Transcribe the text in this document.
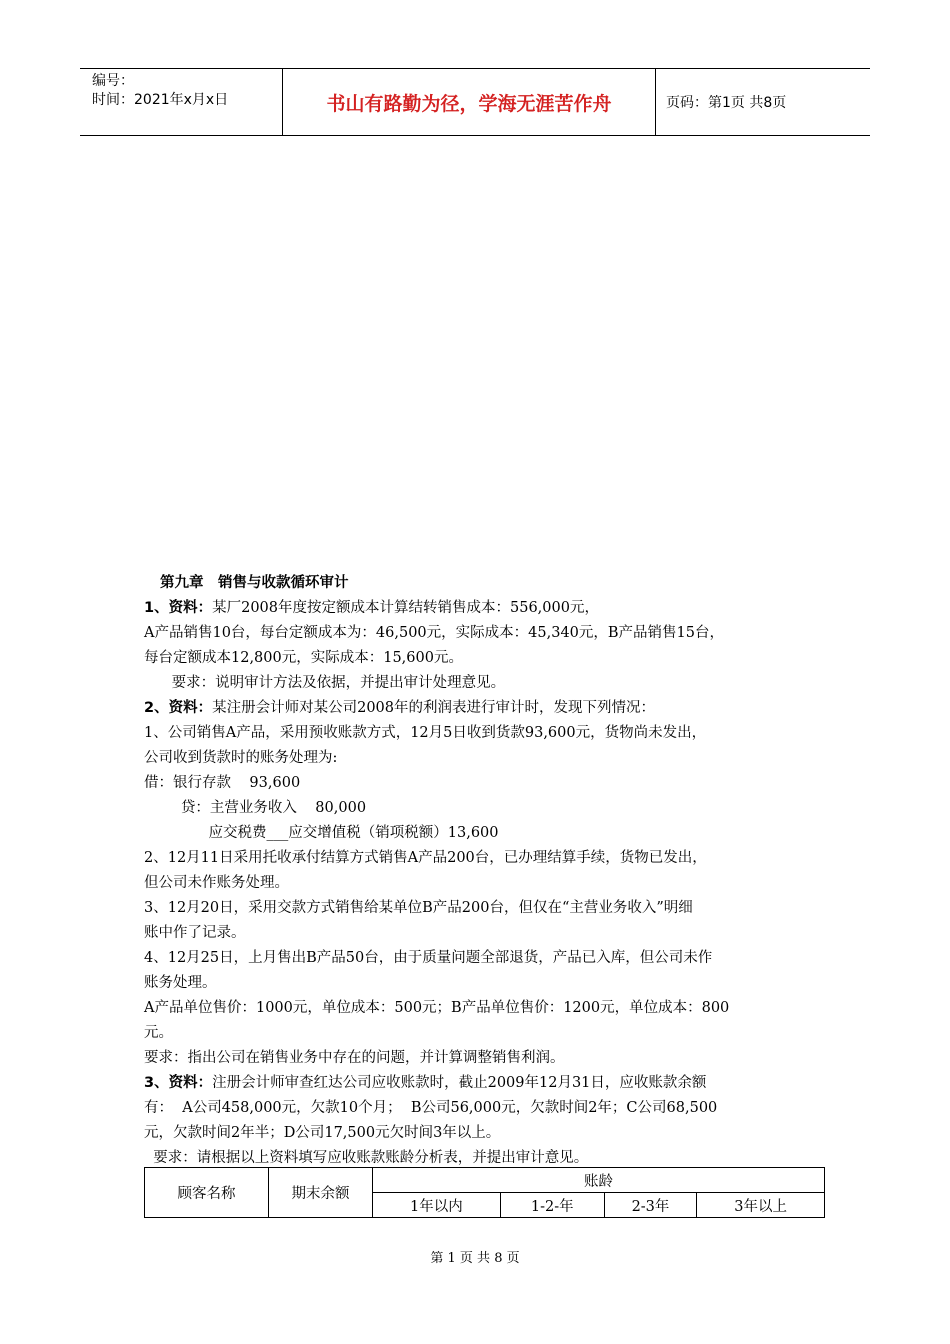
编号：
时间：2021年x月x日	书山有路勤为径，学海无涯苦作舟	页码：第1页 共8页
第九章　销售与收款循环审计
1、资料：某厂2008年度按定额成本计算结转销售成本：556,000元，
A产品销售10台，每台定额成本为：46,500元，实际成本：45,340元，B产品销售15台，
每台定额成本12,800元，实际成本：15,600元。
要求：说明审计方法及依据，并提出审计处理意见。
2、资料：某注册会计师对某公司2008年的利润表进行审计时，发现下列情况：
1、公司销售A产品，采用预收账款方式，12月5日收到货款93,600元，货物尚未发出，
公司收到货款时的账务处理为:
借：银行存款    93,600
贷：主营业务收入    80,000
应交税费___应交增值税（销项税额）13,600
2、12月11日采用托收承付结算方式销售A产品200台，已办理结算手续，货物已发出，
但公司未作账务处理。
3、12月20日，采用交款方式销售给某单位B产品200台，但仅在“主营业务收入”明细
账中作了记录。
4、12月25日，上月售出B产品50台，由于质量问题全部退货，产品已入库，但公司未作
账务处理。
A产品单位售价：1000元，单位成本：500元；B产品单位售价：1200元，单位成本：800
元。
要求：指出公司在销售业务中存在的问题，并计算调整销售利润。
3、资料：注册会计师审查红达公司应收账款时，截止2009年12月31日，应收账款余额
有：  A公司458,000元，欠款10个月；  B公司56,000元，欠款时间2年；C公司68,500
元，欠款时间2年半；D公司17,500元欠时间3年以上。
要求：请根据以上资料填写应收账款账龄分析表，并提出审计意见。
顾客名称	期末余额	账龄			
		1年以内	1-2-年	2-3年	3年以上
第 1 页 共 8 页
